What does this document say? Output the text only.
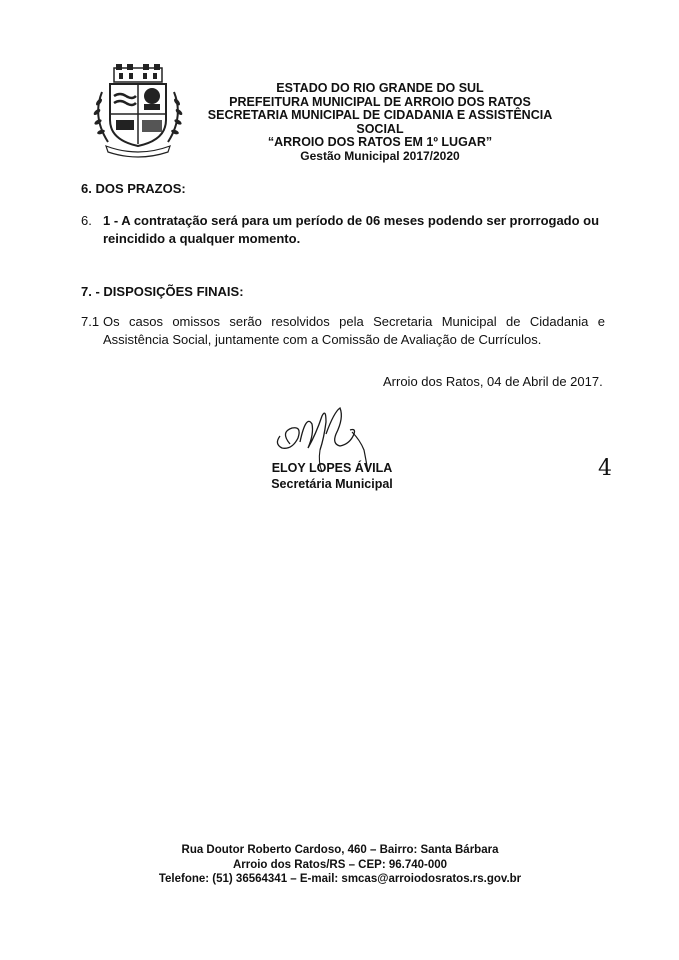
ESTADO DO RIO GRANDE DO SUL
PREFEITURA MUNICIPAL DE ARROIO DOS RATOS
SECRETARIA MUNICIPAL DE CIDADANIA E ASSISTÊNCIA SOCIAL
“ARROIO DOS RATOS EM 1º LUGAR”
Gestão Municipal 2017/2020
6. DOS PRAZOS:
6. 1 - A contratação será para um período de 06 meses podendo ser prorrogado ou reincidido a qualquer momento.
7. - DISPOSIÇÕES FINAIS:
7.1 Os casos omissos serão resolvidos pela Secretaria Municipal de Cidadania e Assistência Social, juntamente com a Comissão de Avaliação de Currículos.
Arroio dos Ratos, 04 de Abril de 2017.
ELOY LOPES ÁVILA
Secretária Municipal
4
Rua Doutor Roberto Cardoso, 460 – Bairro: Santa Bárbara
Arroio dos Ratos/RS – CEP: 96.740-000
Telefone: (51) 36564341 – E-mail: smcas@arroiodosratos.rs.gov.br
